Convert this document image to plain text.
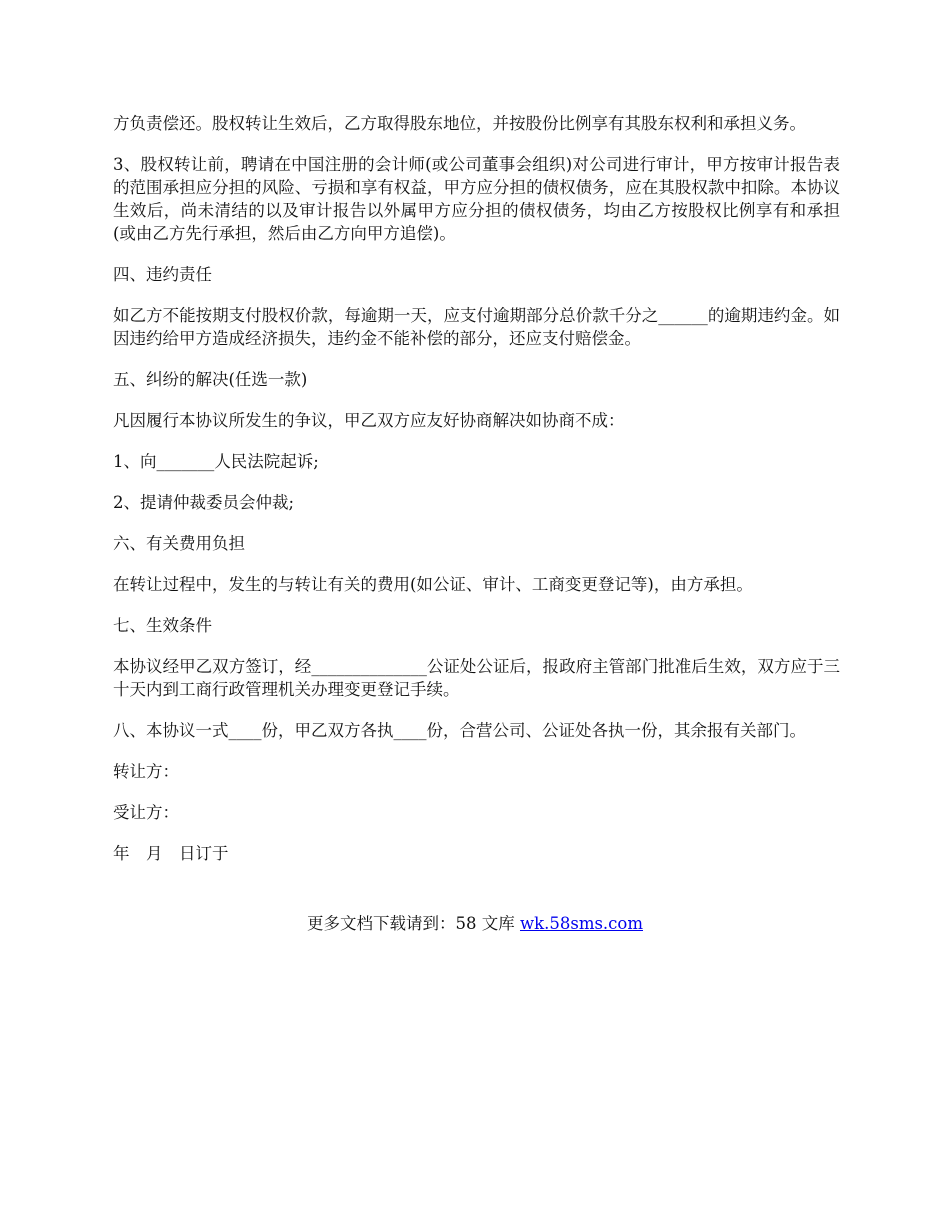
方负责偿还。股权转让生效后，乙方取得股东地位，并按股份比例享有其股东权利和承担义务。

3、股权转让前，聘请在中国注册的会计师(或公司董事会组织)对公司进行审计，甲方按审计报告表的范围承担应分担的风险、亏损和享有权益，甲方应分担的债权债务，应在其股权款中扣除。本协议生效后，尚未清结的以及审计报告以外属甲方应分担的债权债务，均由乙方按股权比例享有和承担(或由乙方先行承担，然后由乙方向甲方追偿)。

四、违约责任

如乙方不能按期支付股权价款，每逾期一天，应支付逾期部分总价款千分之______的逾期违约金。如因违约给甲方造成经济损失，违约金不能补偿的部分，还应支付赔偿金。

五、纠纷的解决(任选一款)

凡因履行本协议所发生的争议，甲乙双方应友好协商解决如协商不成：

1、向_______人民法院起诉;

2、提请仲裁委员会仲裁;

六、有关费用负担

在转让过程中，发生的与转让有关的费用(如公证、审计、工商变更登记等)，由方承担。

七、生效条件

本协议经甲乙双方签订，经______________公证处公证后，报政府主管部门批准后生效，双方应于三十天内到工商行政管理机关办理变更登记手续。

八、本协议一式____份，甲乙双方各执____份，合营公司、公证处各执一份，其余报有关部门。

转让方：

受让方：

年　月　日订于

更多文档下载请到：58 文库 wk.58sms.com
